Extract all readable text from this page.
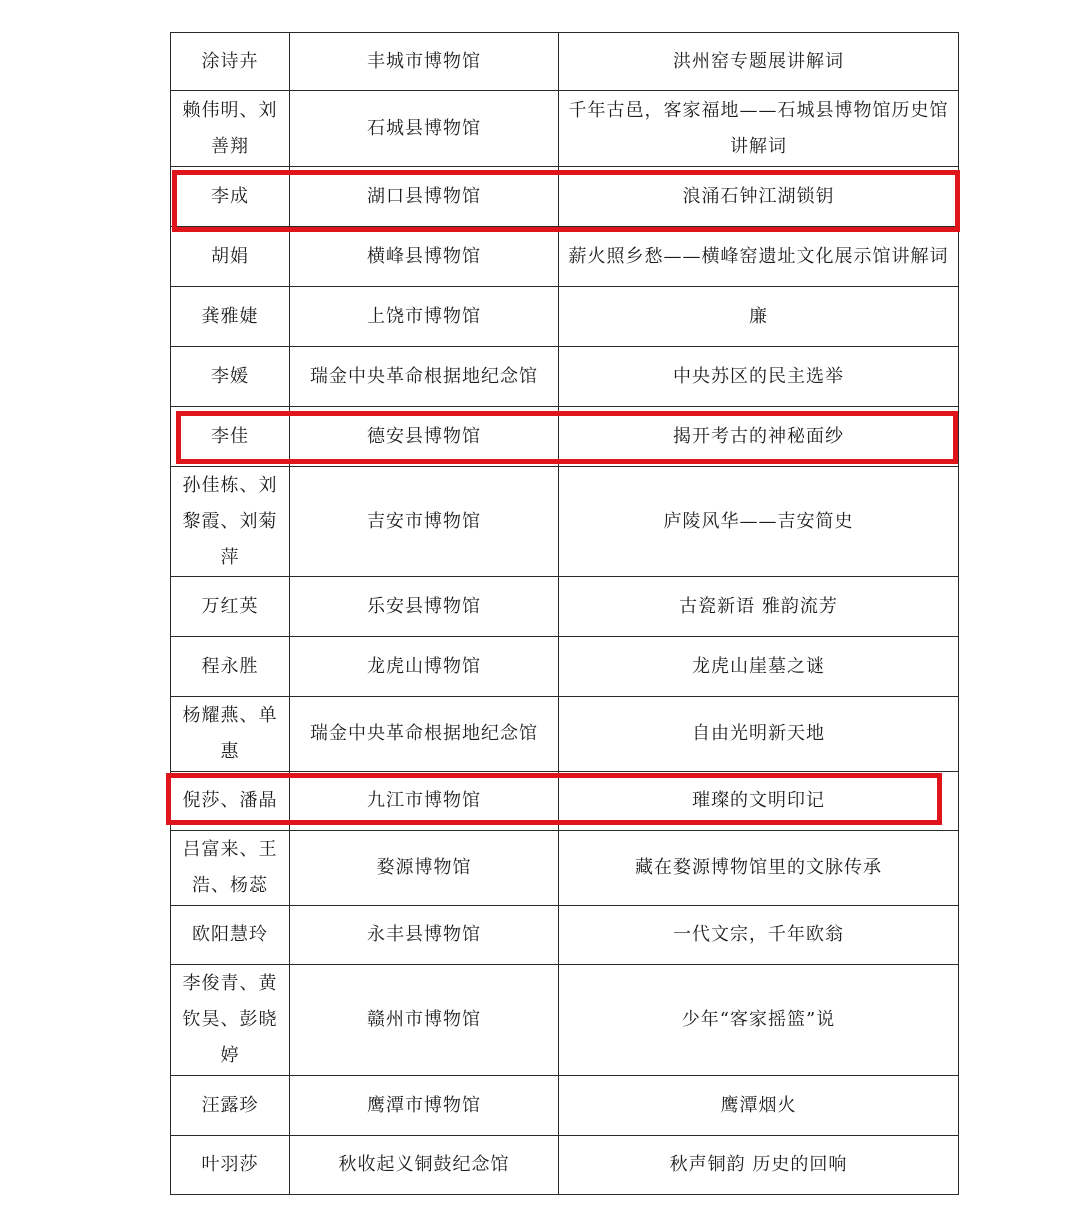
涂诗卉	丰城市博物馆	洪州窑专题展讲解词
赖伟明、刘善翔	石城县博物馆	千年古邑，客家福地——石城县博物馆历史馆讲解词
李成	湖口县博物馆	浪涌石钟江湖锁钥
胡娟	横峰县博物馆	薪火照乡愁——横峰窑遗址文化展示馆讲解词
龚雅婕	上饶市博物馆	廉
李媛	瑞金中央革命根据地纪念馆	中央苏区的民主选举
李佳	德安县博物馆	揭开考古的神秘面纱
孙佳栋、刘黎霞、刘菊萍	吉安市博物馆	庐陵风华——吉安简史
万红英	乐安县博物馆	古瓷新语 雅韵流芳
程永胜	龙虎山博物馆	龙虎山崖墓之谜
杨耀燕、单惠	瑞金中央革命根据地纪念馆	自由光明新天地
倪莎、潘晶	九江市博物馆	璀璨的文明印记
吕富来、王浩、杨蕊	婺源博物馆	藏在婺源博物馆里的文脉传承
欧阳慧玲	永丰县博物馆	一代文宗，千年欧翁
李俊青、黄钦昊、彭晓婷	赣州市博物馆	少年“客家摇篮”说
汪露珍	鹰潭市博物馆	鹰潭烟火
叶羽莎	秋收起义铜鼓纪念馆	秋声铜韵 历史的回响
